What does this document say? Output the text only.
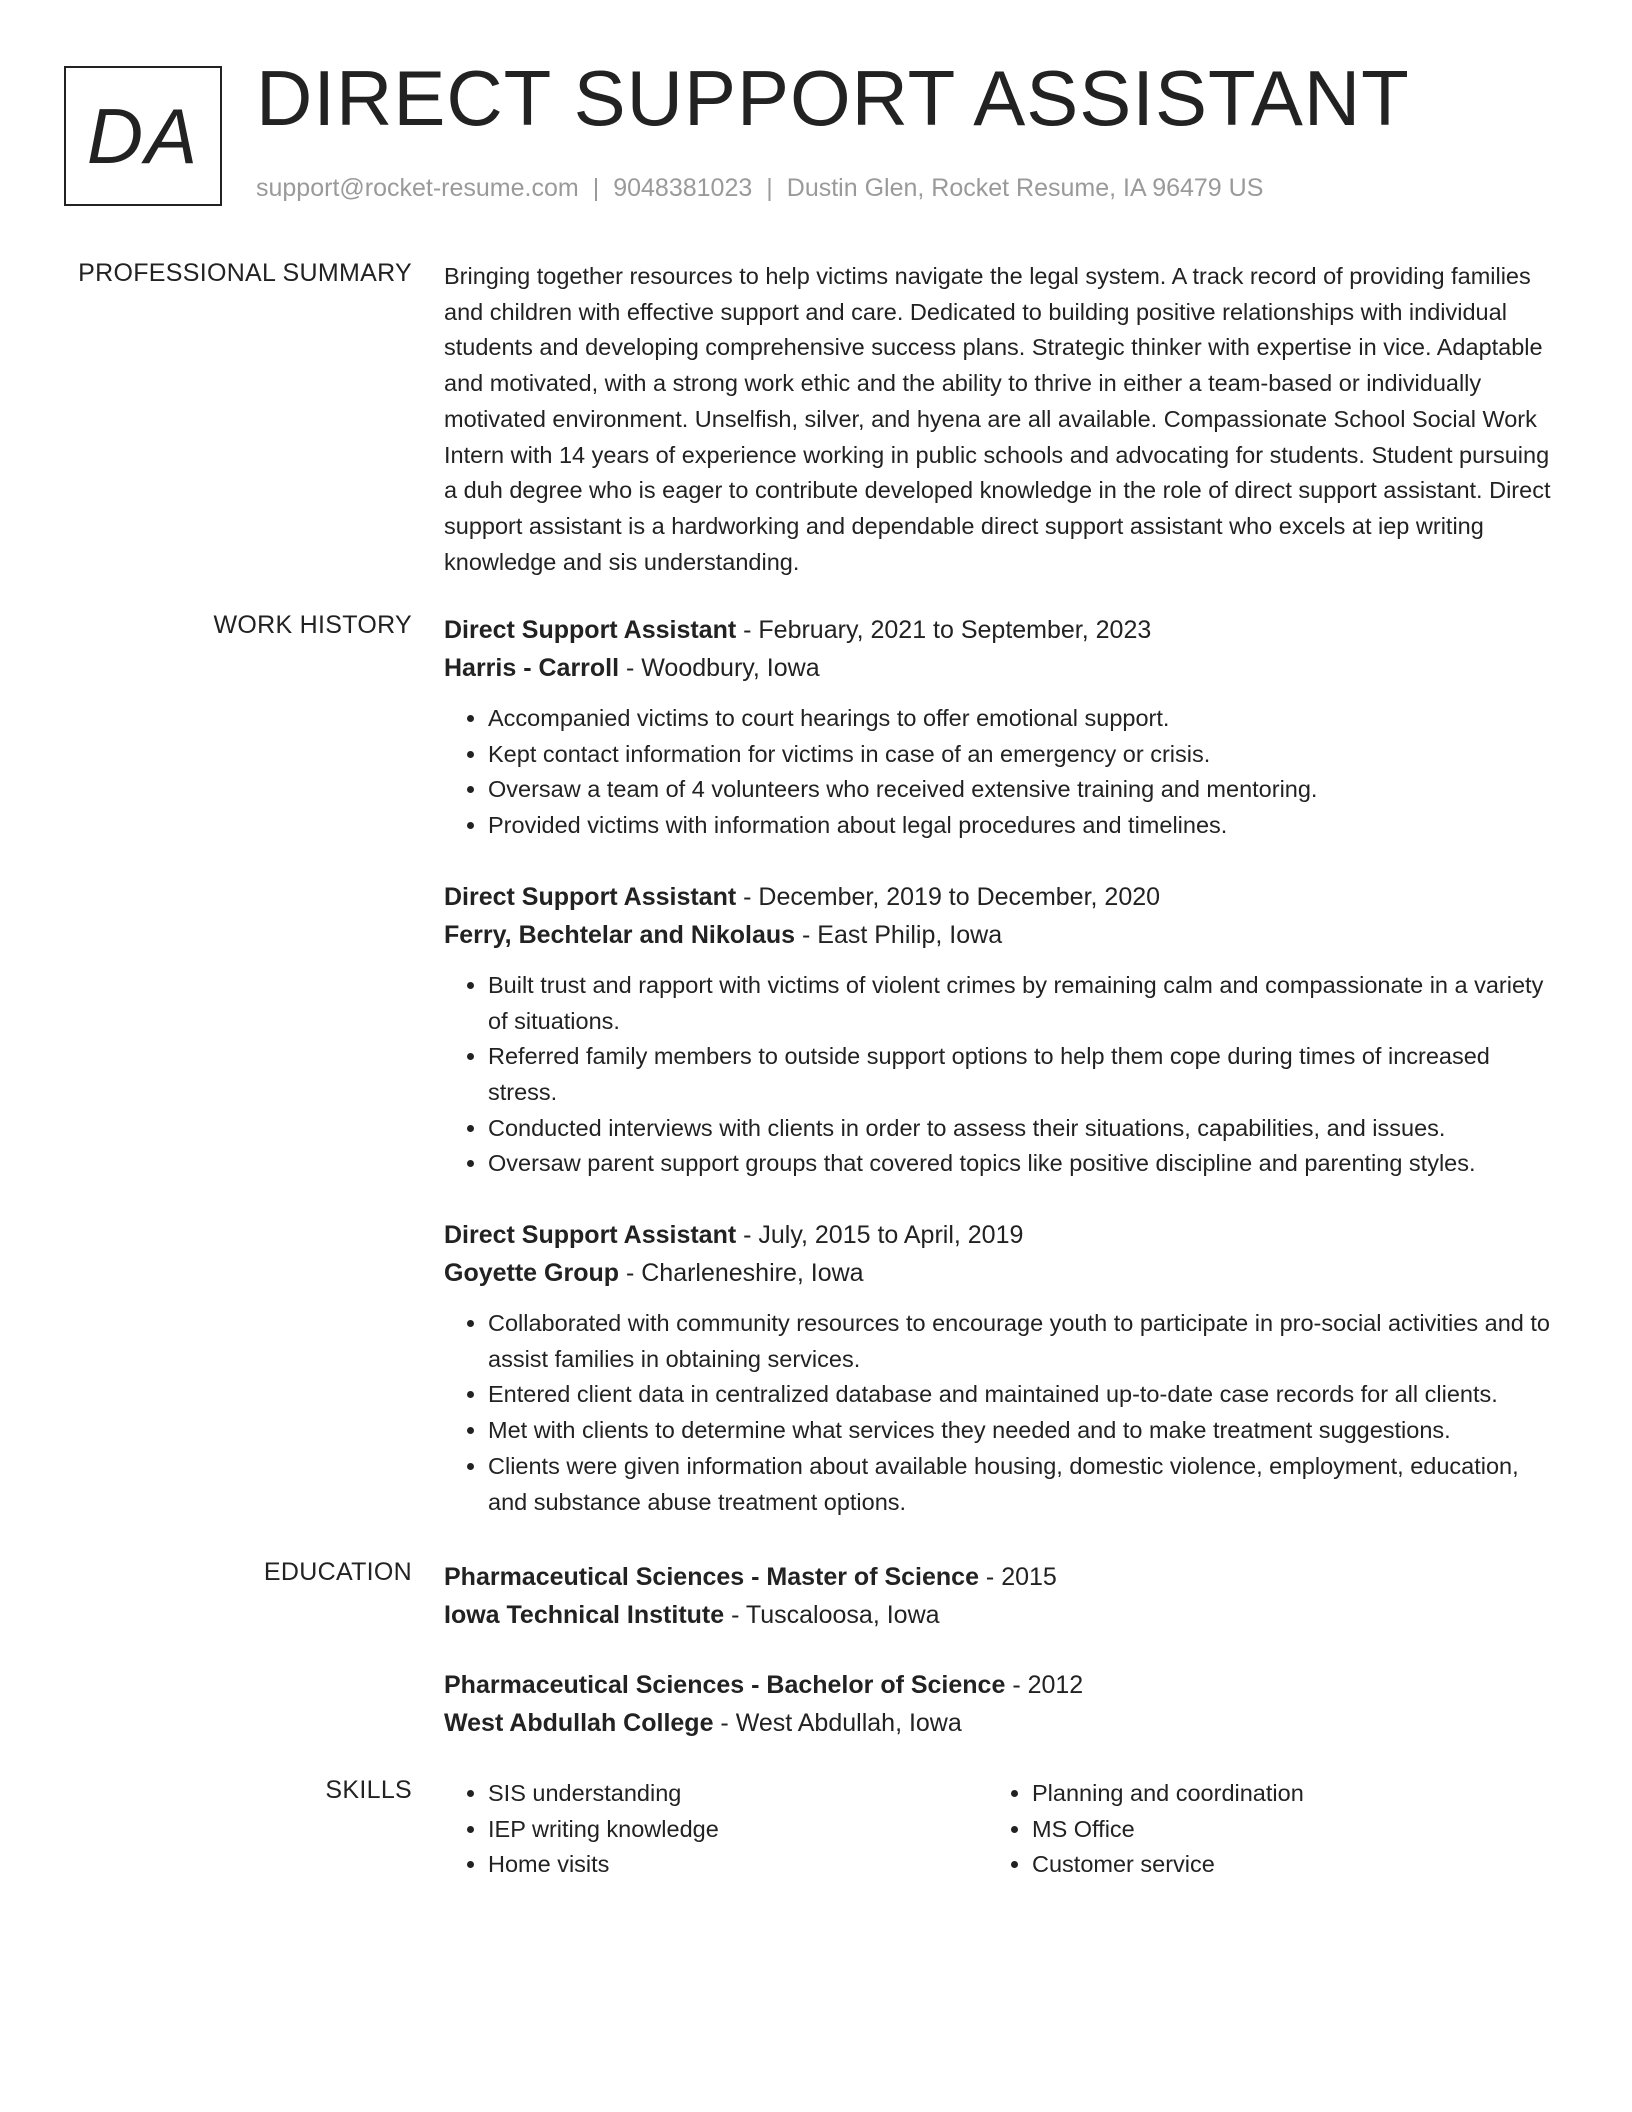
DA DIRECT SUPPORT ASSISTANT
support@rocket-resume.com | 9048381023 | Dustin Glen, Rocket Resume, IA 96479 US
PROFESSIONAL SUMMARY Bringing together resources to help victims navigate the legal system. A track record of providing families and children with effective support and care. Dedicated to building positive relationships with individual students and developing comprehensive success plans. Strategic thinker with expertise in vice. Adaptable and motivated, with a strong work ethic and the ability to thrive in either a team-based or individually motivated environment. Unselfish, silver, and hyena are all available. Compassionate School Social Work Intern with 14 years of experience working in public schools and advocating for students. Student pursuing a duh degree who is eager to contribute developed knowledge in the role of direct support assistant. Direct support assistant is a hardworking and dependable direct support assistant who excels at iep writing knowledge and sis understanding.

WORK HISTORY Direct Support Assistant - February, 2021 to September, 2023
Harris - Carroll - Woodbury, Iowa
• Accompanied victims to court hearings to offer emotional support.
• Kept contact information for victims in case of an emergency or crisis.
• Oversaw a team of 4 volunteers who received extensive training and mentoring.
• Provided victims with information about legal procedures and timelines.
Direct Support Assistant - December, 2019 to December, 2020
Ferry, Bechtelar and Nikolaus - East Philip, Iowa
• Built trust and rapport with victims of violent crimes by remaining calm and compassionate in a variety of situations.
• Referred family members to outside support options to help them cope during times of increased stress.
• Conducted interviews with clients in order to assess their situations, capabilities, and issues.
• Oversaw parent support groups that covered topics like positive discipline and parenting styles.
Direct Support Assistant - July, 2015 to April, 2019
Goyette Group - Charleneshire, Iowa
• Collaborated with community resources to encourage youth to participate in pro-social activities and to assist families in obtaining services.
• Entered client data in centralized database and maintained up-to-date case records for all clients.
• Met with clients to determine what services they needed and to make treatment suggestions.
• Clients were given information about available housing, domestic violence, employment, education, and substance abuse treatment options.
EDUCATION Pharmaceutical Sciences - Master of Science - 2015
Iowa Technical Institute - Tuscaloosa, Iowa
Pharmaceutical Sciences - Bachelor of Science - 2012
West Abdullah College - West Abdullah, Iowa
SKILLS
•	SIS understanding
• IEP writing knowledge
• Home visits
• Planning and coordination
• MS Office
• Customer service
